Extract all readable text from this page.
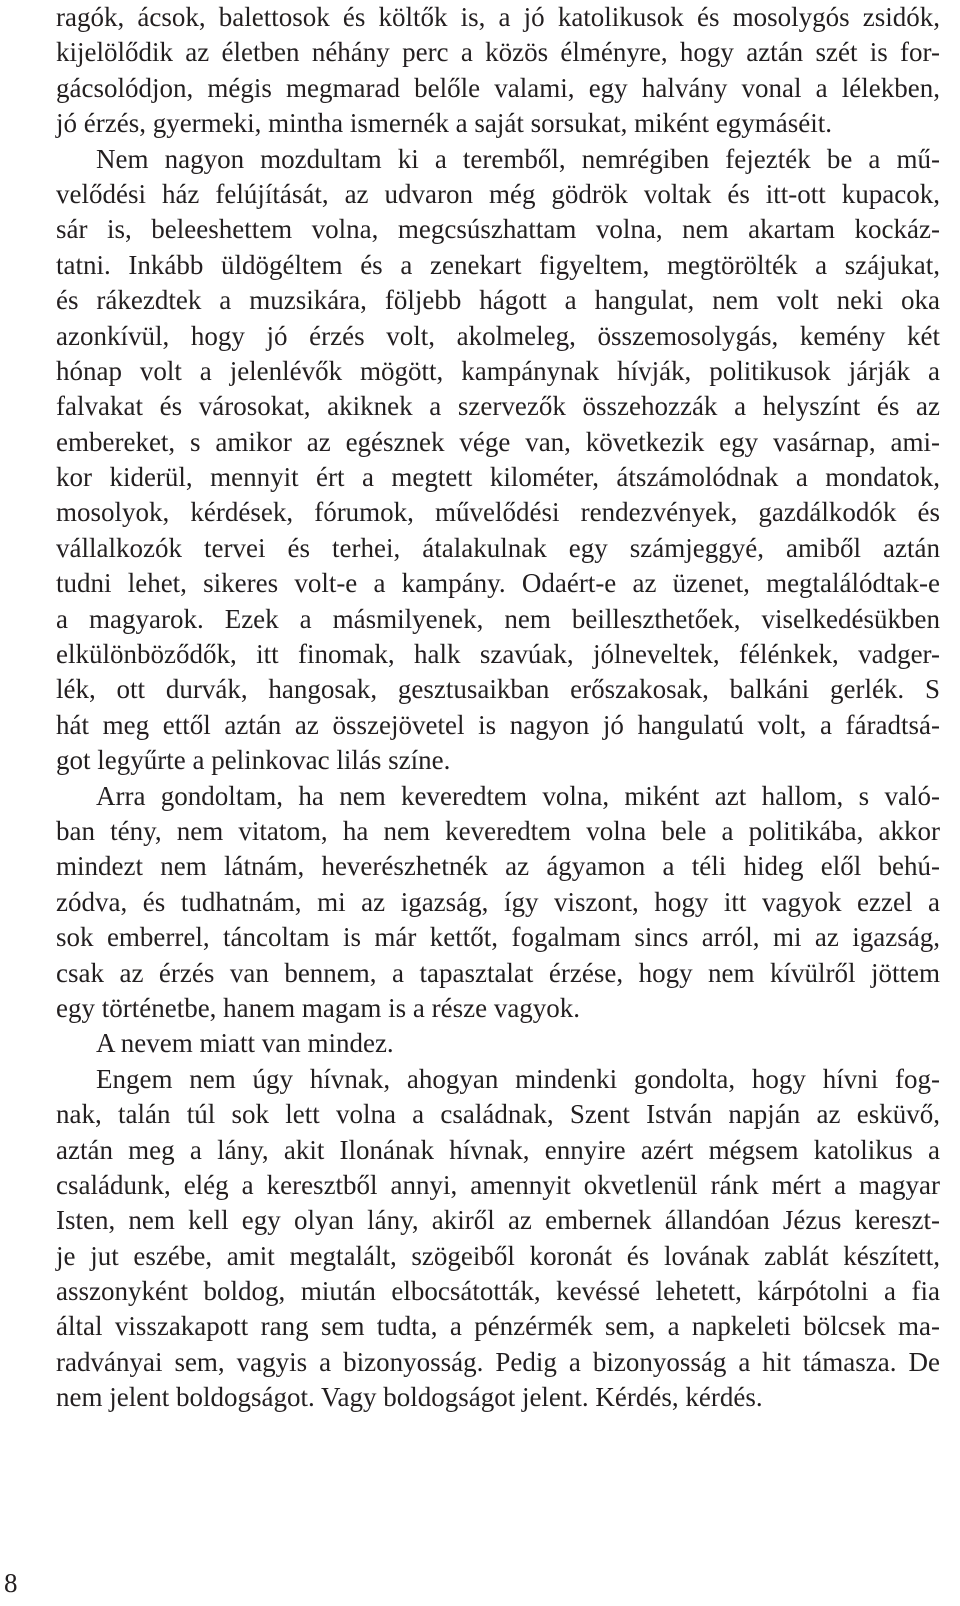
ragók, ácsok, balettosok és költők is, a jó katolikusok és mosolygós zsidók,
kijelölődik az életben néhány perc a közös élményre, hogy aztán szét is for-
gácsolódjon, mégis megmarad belőle valami, egy halvány vonal a lélekben,
jó érzés, gyermeki, mintha ismernék a saját sorsukat, miként egymáséit.
Nem nagyon mozdultam ki a teremből, nemrégiben fejezték be a mű-
velődési ház felújítását, az udvaron még gödrök voltak és itt-ott kupacok,
sár is, beleeshettem volna, megcsúszhattam volna, nem akartam kockáz-
tatni. Inkább üldögéltem és a zenekart figyeltem, megtörölték a szájukat,
és rákezdtek a muzsikára, följebb hágott a hangulat, nem volt neki oka
azonkívül, hogy jó érzés volt, akolmeleg, összemosolygás, kemény két
hónap volt a jelenlévők mögött, kampánynak hívják, politikusok járják a
falvakat és városokat, akiknek a szervezők összehozzák a helyszínt és az
embereket, s amikor az egésznek vége van, következik egy vasárnap, ami-
kor kiderül, mennyit ért a megtett kilométer, átszámolódnak a mondatok,
mosolyok, kérdések, fórumok, művelődési rendezvények, gazdálkodók és
vállalkozók tervei és terhei, átalakulnak egy számjeggyé, amiből aztán
tudni lehet, sikeres volt-e a kampány. Odaért-e az üzenet, megtalálódtak-e
a magyarok. Ezek a másmilyenek, nem beilleszthetőek, viselkedésükben
elkülönböződők, itt finomak, halk szavúak, jólneveltek, félénkek, vadger-
lék, ott durvák, hangosak, gesztusaikban erőszakosak, balkáni gerlék. S
hát meg ettől aztán az összejövetel is nagyon jó hangulatú volt, a fáradtsá-
got legyűrte a pelinkovac lilás színe.
Arra gondoltam, ha nem keveredtem volna, miként azt hallom, s való-
ban tény, nem vitatom, ha nem keveredtem volna bele a politikába, akkor
mindezt nem látnám, heverészhetnék az ágyamon a téli hideg elől behú-
zódva, és tudhatnám, mi az igazság, így viszont, hogy itt vagyok ezzel a
sok emberrel, táncoltam is már kettőt, fogalmam sincs arról, mi az igazság,
csak az érzés van bennem, a tapasztalat érzése, hogy nem kívülről jöttem
egy történetbe, hanem magam is a része vagyok.
A nevem miatt van mindez.
Engem nem úgy hívnak, ahogyan mindenki gondolta, hogy hívni fog-
nak, talán túl sok lett volna a családnak, Szent István napján az esküvő,
aztán meg a lány, akit Ilonának hívnak, ennyire azért mégsem katolikus a
családunk, elég a keresztből annyi, amennyit okvetlenül ránk mért a magyar
Isten, nem kell egy olyan lány, akiről az embernek állandóan Jézus kereszt-
je jut eszébe, amit megtalált, szögeiből koronát és lovának zablát készített,
asszonyként boldog, miután elbocsátották, kevéssé lehetett, kárpótolni a fia
által visszakapott rang sem tudta, a pénzérmék sem, a napkeleti bölcsek ma-
radványai sem, vagyis a bizonyosság. Pedig a bizonyosság a hit támasza. De
nem jelent boldogságot. Vagy boldogságot jelent. Kérdés, kérdés.
8
